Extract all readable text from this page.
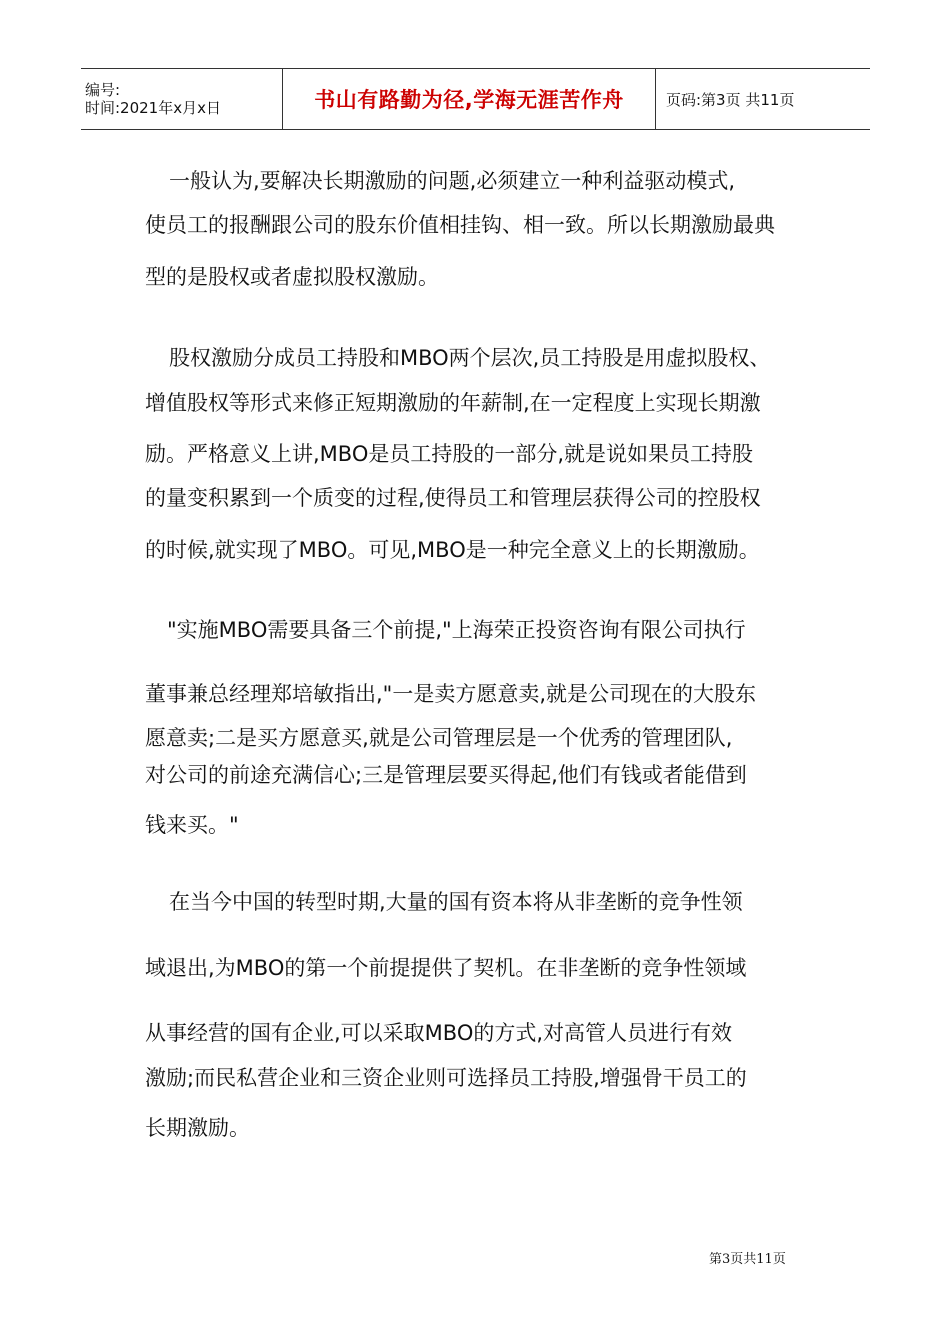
编号:
时间:2021年x月x日	书山有路勤为径,学海无涯苦作舟	页码:第3页 共11页
一般认为,要解决长期激励的问题,必须建立一种利益驱动模式,
使员工的报酬跟公司的股东价值相挂钩、相一致。所以长期激励最典
型的是股权或者虚拟股权激励。
股权激励分成员工持股和MBO两个层次,员工持股是用虚拟股权、
增值股权等形式来修正短期激励的年薪制,在一定程度上实现长期激
励。严格意义上讲,MBO是员工持股的一部分,就是说如果员工持股
的量变积累到一个质变的过程,使得员工和管理层获得公司的控股权
的时候,就实现了MBO。可见,MBO是一种完全意义上的长期激励。
"实施MBO需要具备三个前提,"上海荣正投资咨询有限公司执行
董事兼总经理郑培敏指出,"一是卖方愿意卖,就是公司现在的大股东
愿意卖;二是买方愿意买,就是公司管理层是一个优秀的管理团队,
对公司的前途充满信心;三是管理层要买得起,他们有钱或者能借到
钱来买。"
在当今中国的转型时期,大量的国有资本将从非垄断的竞争性领
域退出,为MBO的第一个前提提供了契机。在非垄断的竞争性领域
从事经营的国有企业,可以采取MBO的方式,对高管人员进行有效
激励;而民私营企业和三资企业则可选择员工持股,增强骨干员工的
长期激励。
第3页共11页
